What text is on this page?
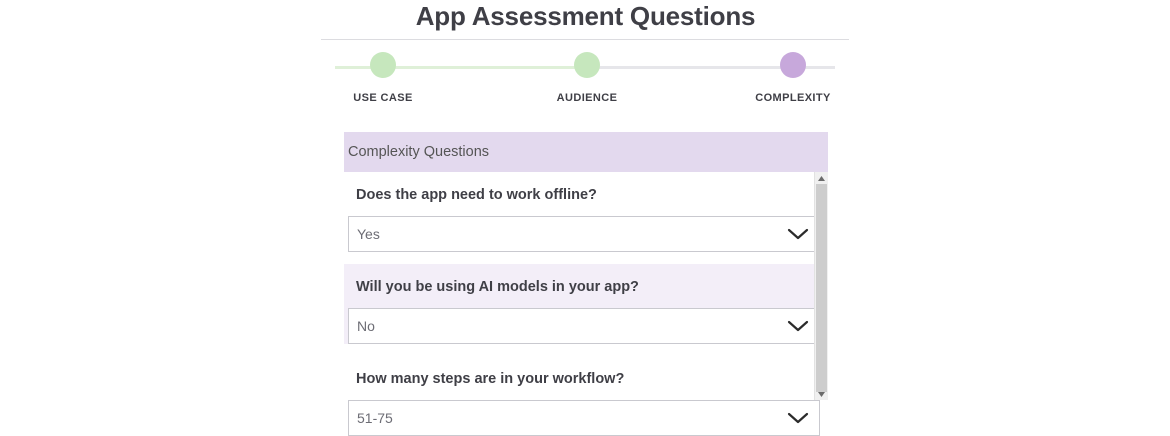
App Assessment Questions
USE CASE	AUDIENCE	COMPLEXITY
Complexity Questions
Does the app need to work offline?
Yes
Will you be using AI models in your app?
No
How many steps are in your workflow?
51-75
